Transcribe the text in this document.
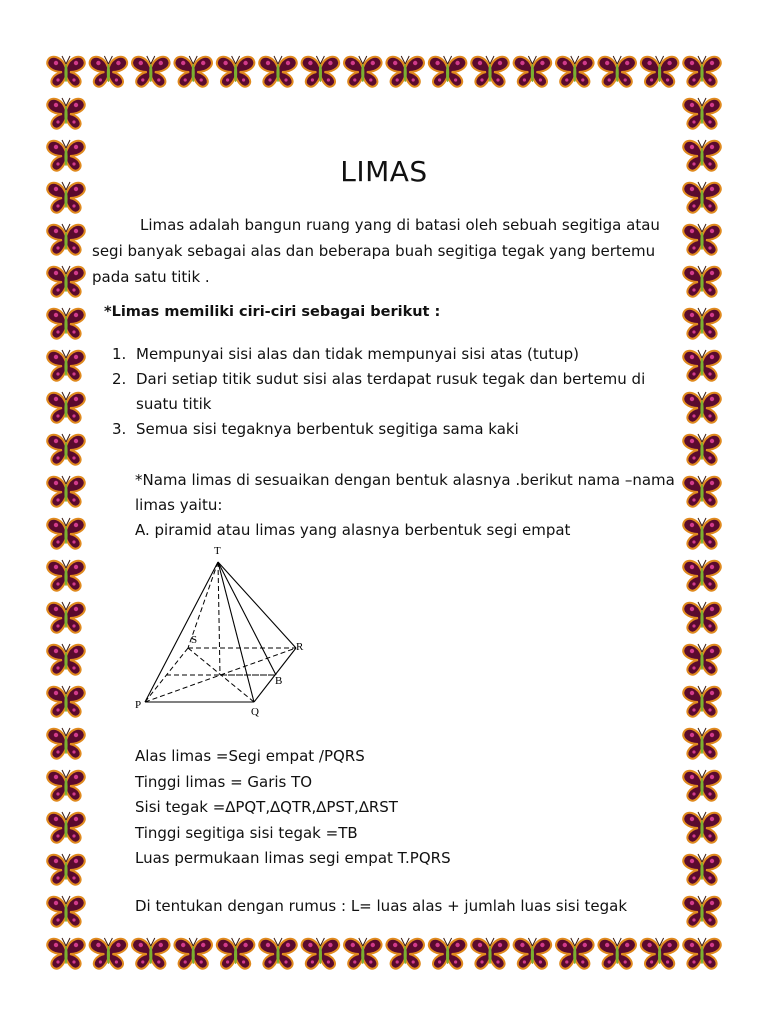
LIMAS

Limas adalah bangun ruang yang di batasi oleh sebuah segitiga atau segi banyak sebagai alas dan beberapa buah segitiga tegak yang bertemu pada satu titik .

*Limas memiliki ciri-ciri sebagai berikut :

1. Mempunyai sisi alas dan tidak mempunyai sisi atas (tutup)
2. Dari setiap titik sudut sisi alas terdapat rusuk tegak dan bertemu di suatu titik
3. Semua sisi tegaknya berbentuk segitiga sama kaki
*Nama limas di sesuaikan dengan bentuk alasnya .berikut nama –nama limas yaitu:
A. piramid atau limas yang alasnya berbentuk segi empat
T
S
R
B
P
Q
Alas limas =Segi empat /PQRS
Tinggi limas = Garis TO
Sisi tegak =∆PQT,∆QTR,∆PST,∆RST
Tinggi segitiga sisi tegak =TB
Luas permukaan limas segi empat T.PQRS

Di tentukan dengan rumus : L= luas alas + jumlah luas sisi tegak
